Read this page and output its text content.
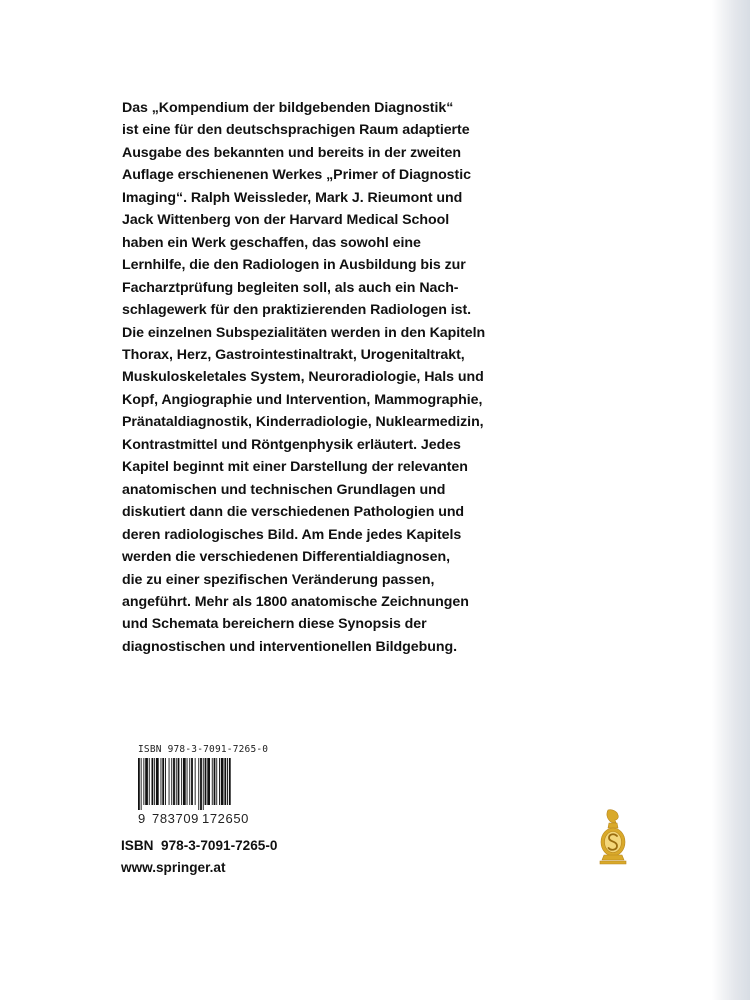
Das „Kompendium der bildgebenden Diagnostik“
ist eine für den deutschsprachigen Raum adaptierte
Ausgabe des bekannten und bereits in der zweiten
Auflage erschienenen Werkes „Primer of Diagnostic
Imaging“. Ralph Weissleder, Mark J. Rieumont und
Jack Wittenberg von der Harvard Medical School
haben ein Werk geschaffen, das sowohl eine
Lernhilfe, die den Radiologen in Ausbildung bis zur
Facharztprüfung begleiten soll, als auch ein Nach-
schlagewerk für den praktizierenden Radiologen ist.
Die einzelnen Subspezialitäten werden in den Kapiteln
Thorax, Herz, Gastrointestinaltrakt, Urogenitaltrakt,
Muskuloskeletales System, Neuroradiologie, Hals und
Kopf, Angiographie und Intervention, Mammographie,
Pränataldiagnostik, Kinderradiologie, Nuklearmedizin,
Kontrastmittel und Röntgenphysik erläutert. Jedes
Kapitel beginnt mit einer Darstellung der relevanten
anatomischen und technischen Grundlagen und
diskutiert dann die verschiedenen Pathologien und
deren radiologisches Bild. Am Ende jedes Kapitels
werden die verschiedenen Differentialdiagnosen,
die zu einer spezifischen Veränderung passen,
angeführt. Mehr als 1800 anatomische Zeichnungen
und Schemata bereichern diese Synopsis der
diagnostischen und interventionellen Bildgebung.
ISBN 978-3-7091-7265-0
9 783709 172650
ISBN  978-3-7091-7265-0
www.springer.at
